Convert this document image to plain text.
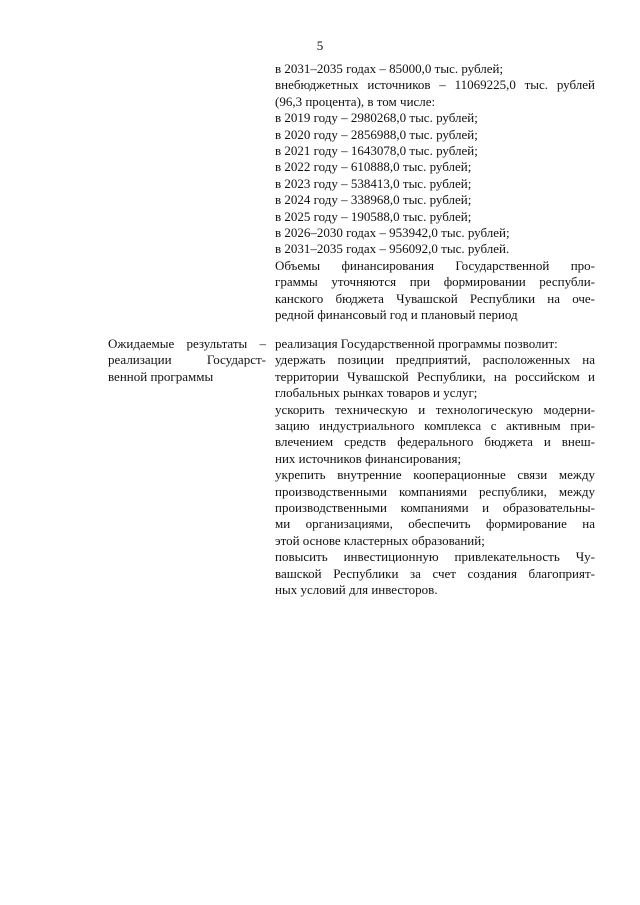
5
в 2031–2035 годах – 85000,0 тыс. рублей;
внебюджетных источников – 11069225,0 тыс. рублей
(96,3 процента), в том числе:
в 2019 году – 2980268,0 тыс. рублей;
в 2020 году – 2856988,0 тыс. рублей;
в 2021 году – 1643078,0 тыс. рублей;
в 2022 году – 610888,0 тыс. рублей;
в 2023 году – 538413,0 тыс. рублей;
в 2024 году – 338968,0 тыс. рублей;
в 2025 году – 190588,0 тыс. рублей;
в 2026–2030 годах – 953942,0 тыс. рублей;
в 2031–2035 годах – 956092,0 тыс. рублей.
Объемы финансирования Государственной про-
граммы уточняются при формировании республи-
канского бюджета Чувашской Республики на оче-
редной финансовый год и плановый период
Ожидаемые результаты –
реализации Государст-
венной программы
реализация Государственной программы позволит:
удержать позиции предприятий, расположенных на
территории Чувашской Республики, на российском и
глобальных рынках товаров и услуг;
ускорить техническую и технологическую модерни-
зацию индустриального комплекса с активным при-
влечением средств федерального бюджета и внеш-
них источников финансирования;
укрепить внутренние кооперационные связи между
производственными компаниями республики, между
производственными компаниями и образовательны-
ми организациями, обеспечить формирование на
этой основе кластерных образований;
повысить инвестиционную привлекательность Чу-
вашской Республики за счет создания благоприят-
ных условий для инвесторов.
